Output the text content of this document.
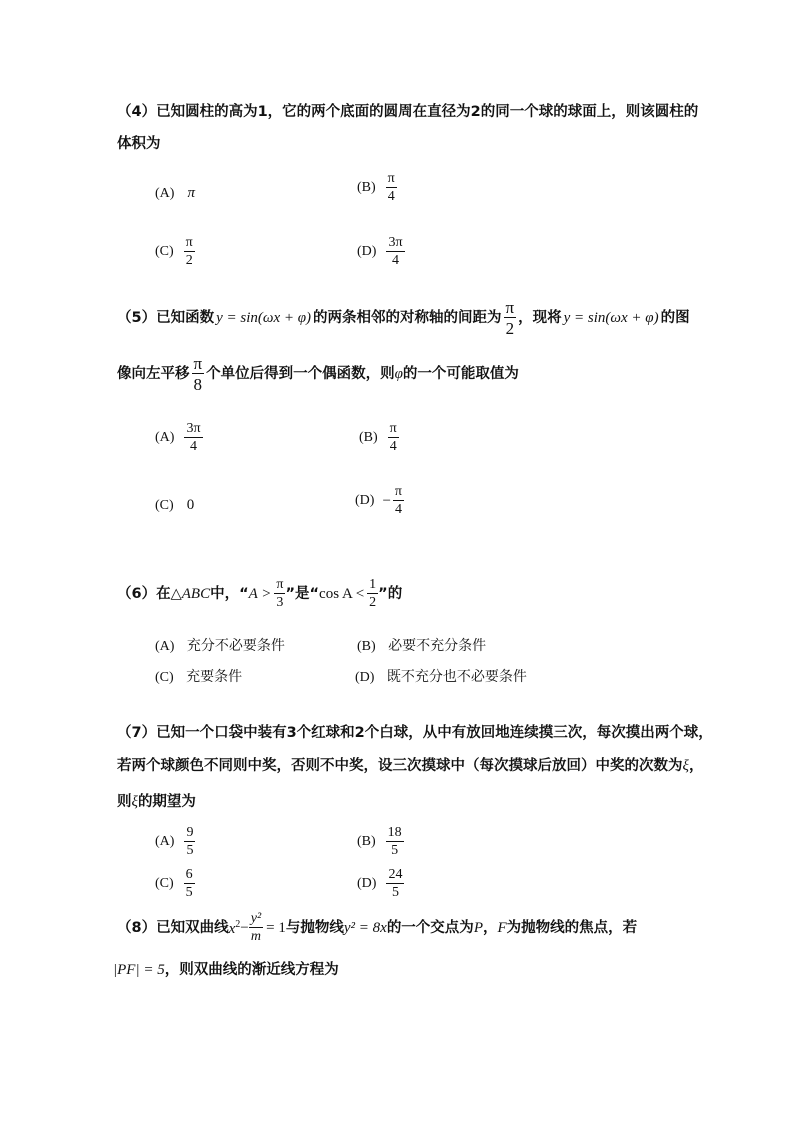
（4）已知圆柱的高为1，它的两个底面的圆周在直径为2的同一个球的球面上，则该圆柱的
体积为
(A) π	$(B) \frac{\pi}{4}$
$(C) \frac{\pi}{2}$	$(D) \frac{3\pi}{4}$
（5）已知函数 y = sin(ωx + φ) 的两条相邻的对称轴的间距为 $\frac{\pi}{2}$ ，现将 y = sin(ωx + φ) 的图
像向左平移 $\frac{\pi}{8}$ 个单位后得到一个偶函数，则 φ 的一个可能取值为
$(A) \frac{3\pi}{4}$	$(B) \frac{\pi}{4}$
(C) 0	$(D) - \frac{\pi}{4}$
（6）在△ ABC 中，“ $A > \frac{\pi}{3}$ ”是“ $\cos A < \frac{1}{2}$ ”的
(A) 充分不必要条件	(B) 必要不充分条件
(C) 充要条件	(D) 既不充分也不必要条件
（7）已知一个口袋中装有3个红球和2个白球，从中有放回地连续摸三次，每次摸出两个球，
若两个球颜色不同则中奖，否则不中奖，设三次摸球中（每次摸球后放回）中奖的次数为 ξ ，
则 ξ 的期望为
$(A) \frac{9}{5}$	$(B) \frac{18}{5}$
$(C) \frac{6}{5}$	$(D) \frac{24}{5}$
（8）已知双曲线 $x^2 - \frac{\text{y²}}{m} = 1$ 与抛物线 y² = 8x 的一个交点为 P ， F 为抛物线的焦点，若
|PF| = 5 ，则双曲线的渐近线方程为
